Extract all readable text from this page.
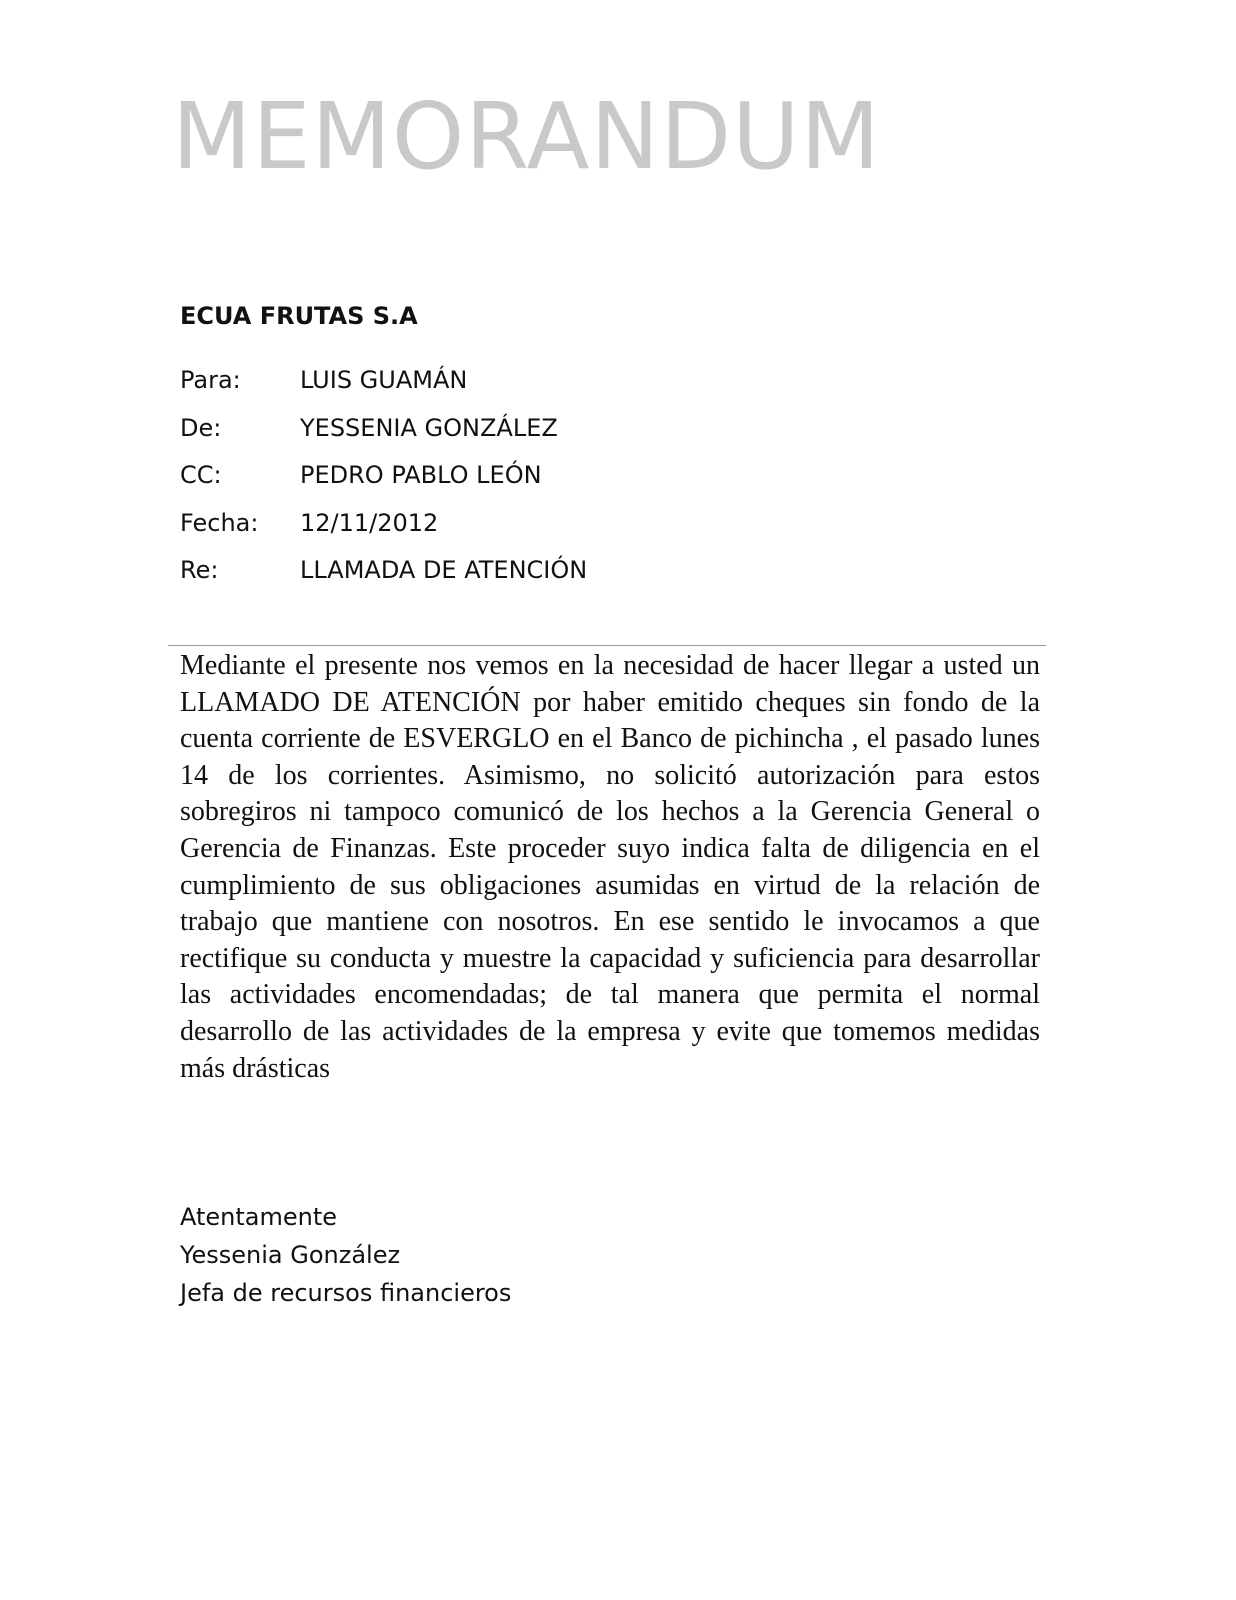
MEMORANDUM
ECUA FRUTAS S.A
Para:	LUIS GUAMÁN
De:	YESSENIA GONZÁLEZ
CC:	PEDRO PABLO LEÓN
Fecha:	12/11/2012
Re:	LLAMADA DE ATENCIÓN

Mediante el presente nos vemos en la necesidad de hacer llegar a usted un LLAMADO DE ATENCIÓN por haber emitido cheques sin fondo de la cuenta corriente de ESVERGLO en el Banco de pichincha , el pasado lunes 14 de los corrientes. Asimismo, no solicitó autorización para estos sobregiros ni tampoco comunicó de los hechos a la Gerencia General o Gerencia de Finanzas. Este proceder suyo indica falta de diligencia en el cumplimiento de sus obligaciones asumidas en virtud de la relación de trabajo que mantiene con nosotros. En ese sentido le invocamos a que rectifique su conducta y muestre la capacidad y suficiencia para desarrollar las actividades encomendadas; de tal manera que permita el normal desarrollo de las actividades de la empresa y evite que tomemos medidas más drásticas

Atentamente
Yessenia González
Jefa de recursos financieros
